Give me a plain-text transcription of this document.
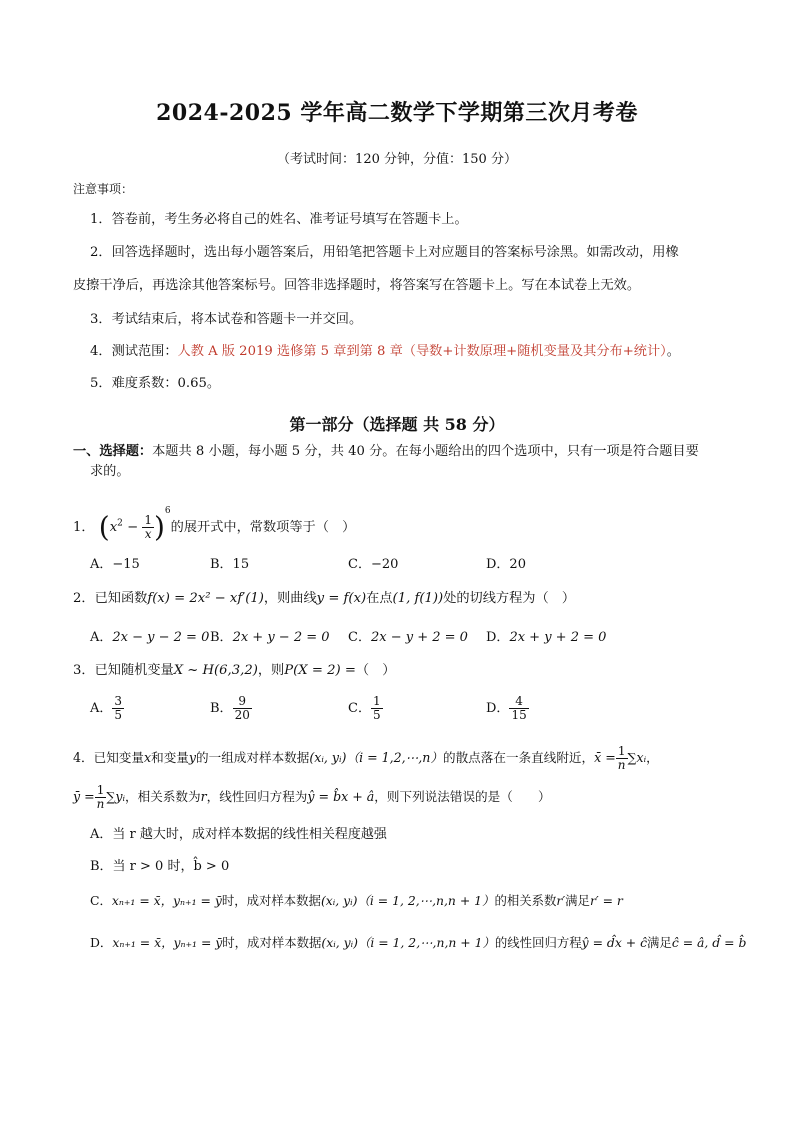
2024-2025 学年高二数学下学期第三次月考卷
（考试时间：120 分钟，分值：150 分）
注意事项：
1．答卷前，考生务必将自己的姓名、准考证号填写在答题卡上。
2．回答选择题时，选出每小题答案后，用铅笔把答题卡上对应题目的答案标号涂黑。如需改动，用橡
皮擦干净后，再选涂其他答案标号。回答非选择题时，将答案写在答题卡上。写在本试卷上无效。
3．考试结束后，将本试卷和答题卡一并交回。
4．测试范围：人教 A 版 2019 选修第 5 章到第 8 章（导数+计数原理+随机变量及其分布+统计）。
5．难度系数：0.65。
第一部分（选择题 共 58 分）
一、选择题：本题共 8 小题，每小题 5 分，共 40 分。在每小题给出的四个选项中，只有一项是符合题目要
求的。
1． $(x^2 - \frac{1}{x} )^6$的展开式中，常数项等于（　）
A．−15	B．15	C．−20	D．20
2．已知函数f(x) = 2x² − xf′(1)，则曲线y = f(x)在点(1, f(1))处的切线方程为（　）
A．2x − y − 2 = 0 B．2x + y − 2 = 0 C．2x − y + 2 = 0 D．2x + y + 2 = 0
3．已知随机变量X ~ H(6,3,2)，则P(X = 2) =（　）
A． $\frac{3}{5}$	B． $\frac{9}{20}$	C． $\frac{1}{5}$	D． $\frac{4}{15}$
4．已知变量x和变量y的一组成对样本数据(xᵢ, yᵢ)（i = 1,2,⋯,n）的散点落在一条直线附近，x̄ = $\frac{1}{n}$ ∑xᵢ，
ȳ = $\frac{1}{n}$ ∑yᵢ，相关系数为r，线性回归方程为ŷ = b̂x + â，则下列说法错误的是（　　）
A．当 r 越大时，成对样本数据的线性相关程度越强
B．当 r > 0 时，b̂ > 0
C．xₙ₊₁ = x̄，yₙ₊₁ = ȳ时，成对样本数据(xᵢ, yᵢ)（i = 1, 2,⋯,n,n + 1）的相关系数r′满足r′ = r
D．xₙ₊₁ = x̄，yₙ₊₁ = ȳ时，成对样本数据(xᵢ, yᵢ)（i = 1, 2,⋯,n,n + 1）的线性回归方程ŷ = d̂x + ĉ满足ĉ = â, d̂ = b̂
